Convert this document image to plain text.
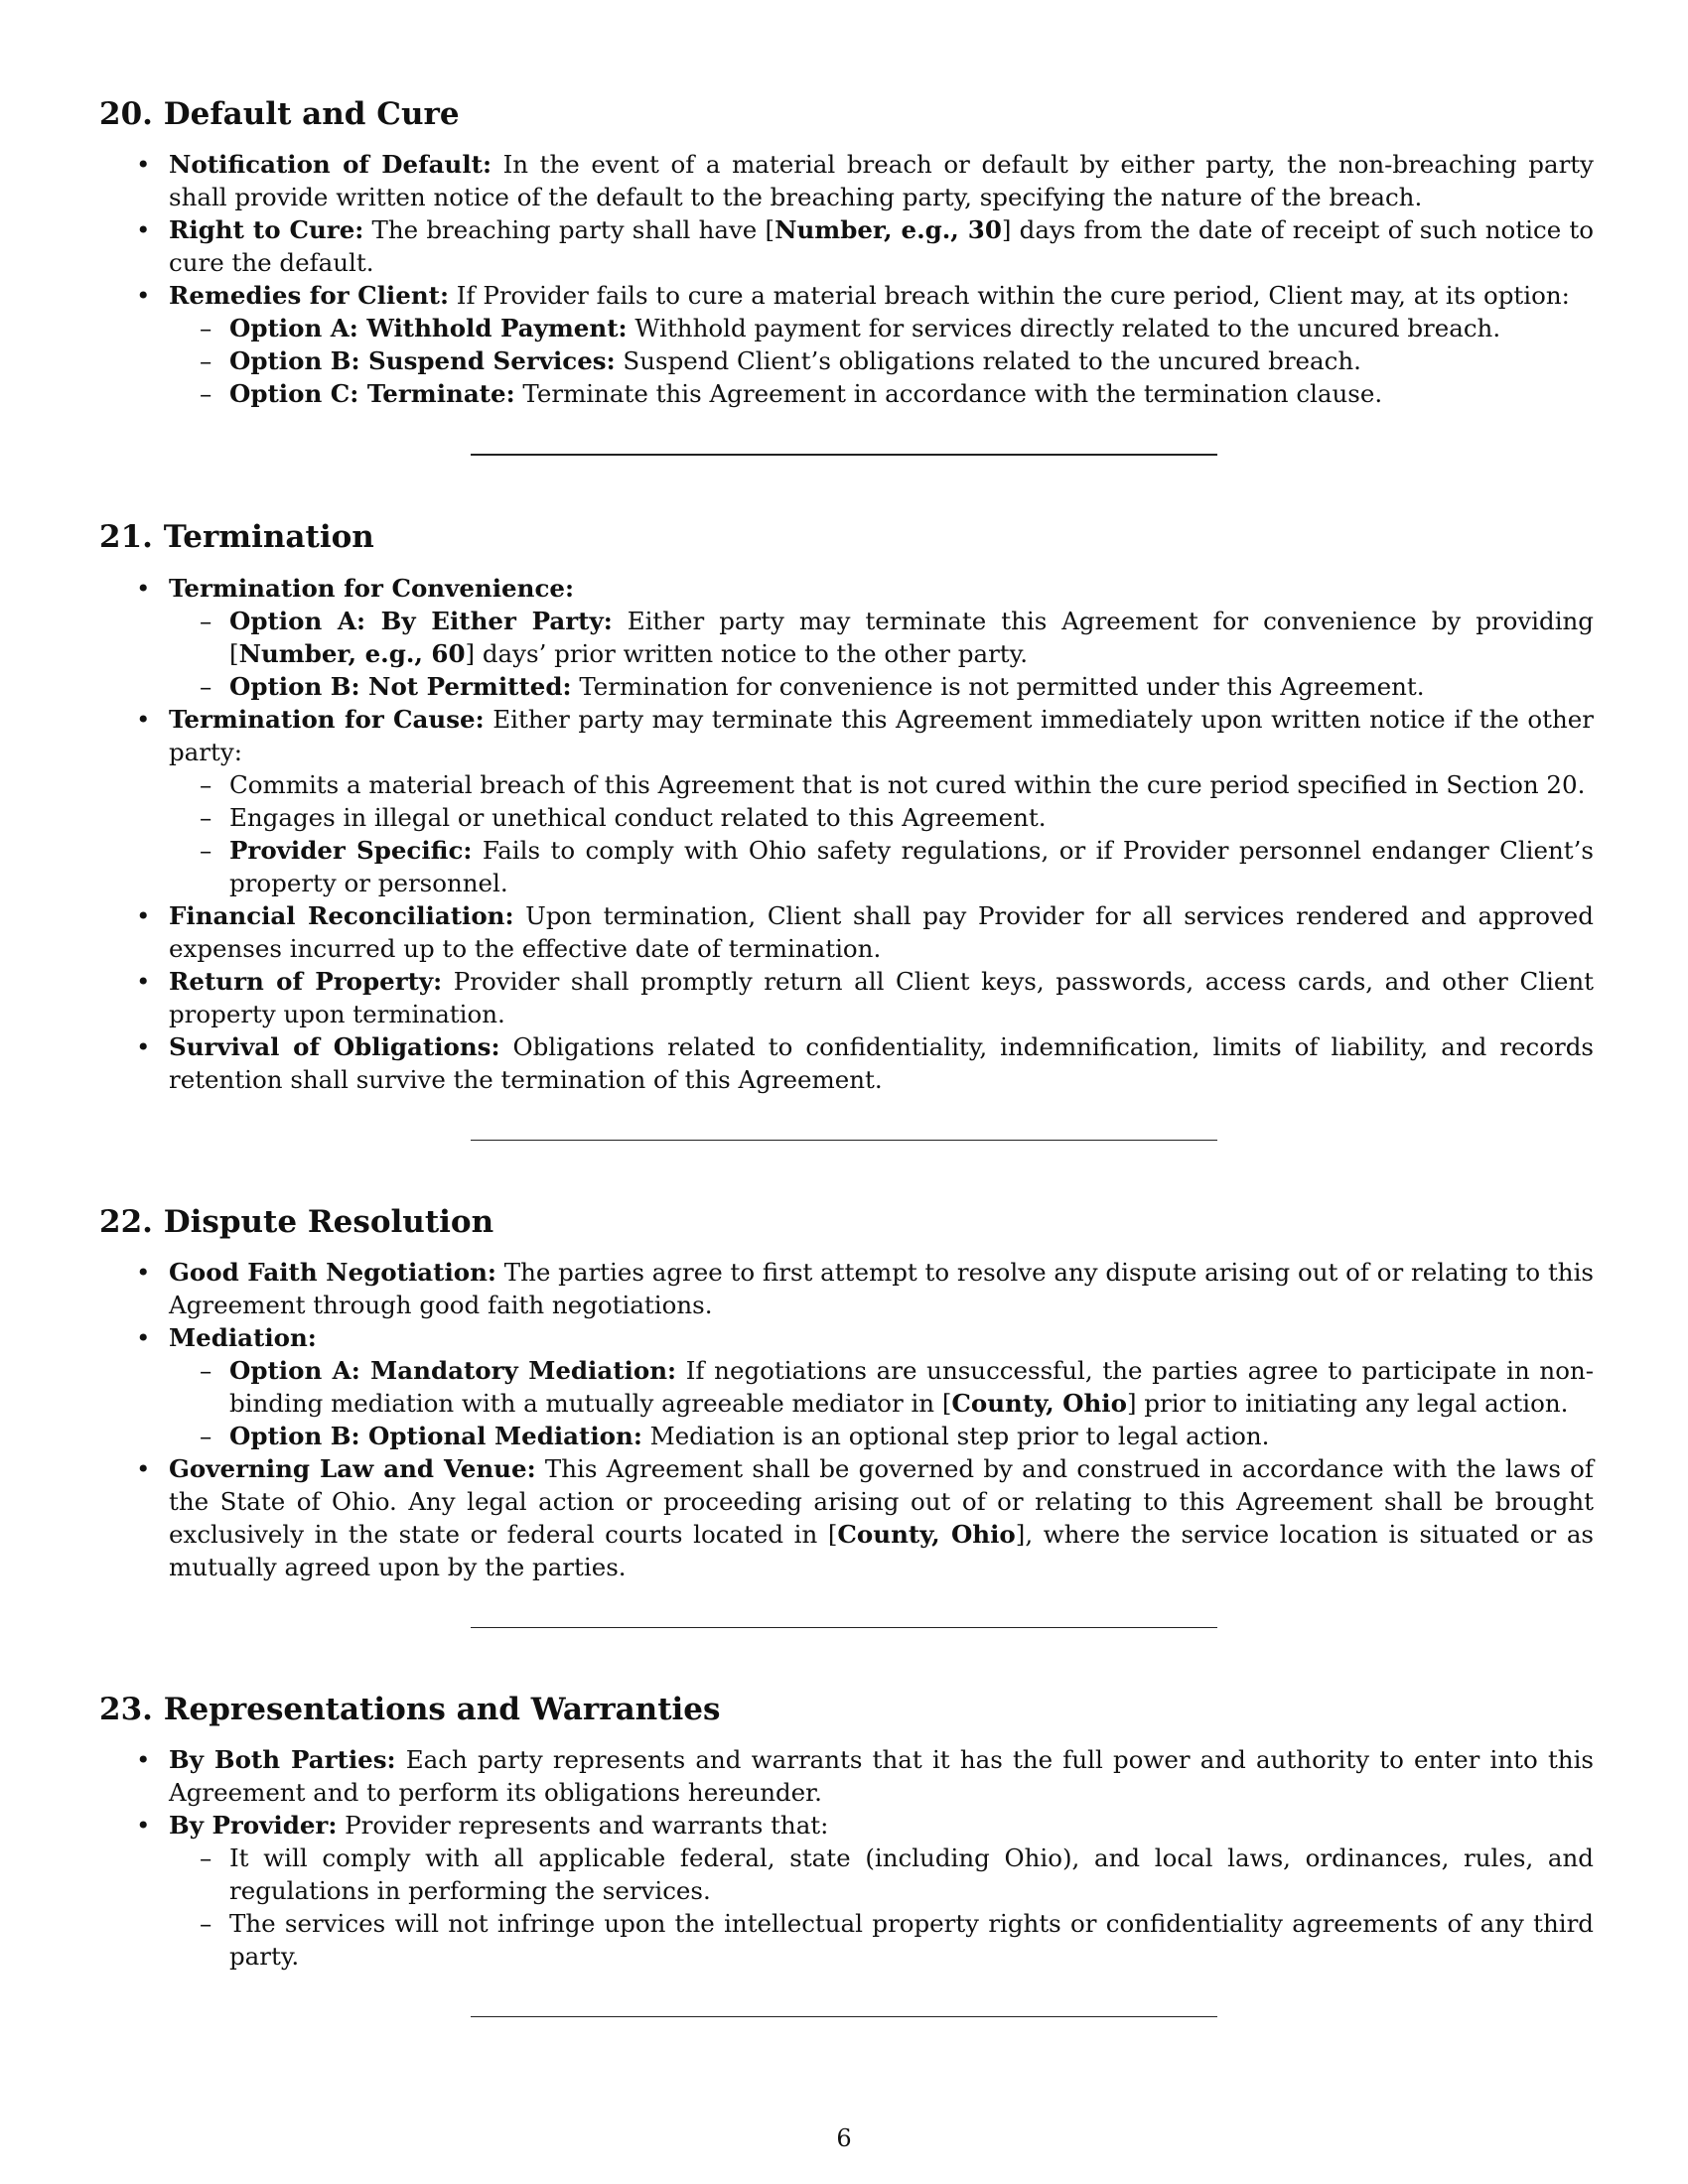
20. Default and Cure
• Notification of Default: In the event of a material breach or default by either party, the non-breaching party shall provide written notice of the default to the breaching party, specifying the nature of the breach.
• Right to Cure: The breaching party shall have [Number, e.g., 30] days from the date of receipt of such notice to cure the default.
• Remedies for Client: If Provider fails to cure a material breach within the cure period, Client may, at its option:
– Option A: Withhold Payment: Withhold payment for services directly related to the uncured breach.
– Option B: Suspend Services: Suspend Client’s obligations related to the uncured breach.
– Option C: Terminate: Terminate this Agreement in accordance with the termination clause.
21. Termination
• Termination for Convenience:
– Option A: By Either Party: Either party may terminate this Agreement for convenience by providing [Number, e.g., 60] days’ prior written notice to the other party.
– Option B: Not Permitted: Termination for convenience is not permitted under this Agreement.
• Termination for Cause: Either party may terminate this Agreement immediately upon written notice if the other party:
– Commits a material breach of this Agreement that is not cured within the cure period specified in Section 20.
– Engages in illegal or unethical conduct related to this Agreement.
– Provider Specific: Fails to comply with Ohio safety regulations, or if Provider personnel endanger Client’s property or personnel.
• Financial Reconciliation: Upon termination, Client shall pay Provider for all services rendered and approved expenses incurred up to the effective date of termination.
• Return of Property: Provider shall promptly return all Client keys, passwords, access cards, and other Client property upon termination.
• Survival of Obligations: Obligations related to confidentiality, indemnification, limits of liability, and records retention shall survive the termination of this Agreement.
22. Dispute Resolution
• Good Faith Negotiation: The parties agree to first attempt to resolve any dispute arising out of or relating to this Agreement through good faith negotiations.
• Mediation:
– Option A: Mandatory Mediation: If negotiations are unsuccessful, the parties agree to participate in non-binding mediation with a mutually agreeable mediator in [County, Ohio] prior to initiating any legal action.
– Option B: Optional Mediation: Mediation is an optional step prior to legal action.
• Governing Law and Venue: This Agreement shall be governed by and construed in accordance with the laws of the State of Ohio. Any legal action or proceeding arising out of or relating to this Agreement shall be brought exclusively in the state or federal courts located in [County, Ohio], where the service location is situated or as mutually agreed upon by the parties.
23. Representations and Warranties
• By Both Parties: Each party represents and warrants that it has the full power and authority to enter into this Agreement and to perform its obligations hereunder.
• By Provider: Provider represents and warrants that:
– It will comply with all applicable federal, state (including Ohio), and local laws, ordinances, rules, and regulations in performing the services.
– The services will not infringe upon the intellectual property rights or confidentiality agreements of any third party.
6
